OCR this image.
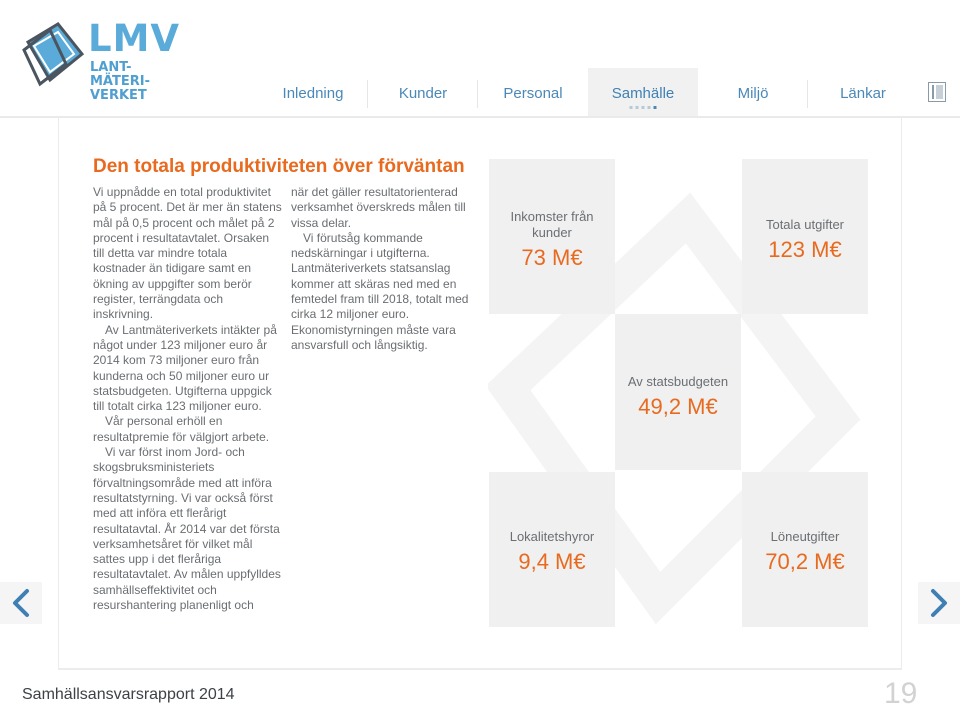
LMV
LANT-
MÄTERI-
VERKET	Inledning	Kunder	Personal	Samhälle	Miljö	Länkar
Den totala produktiviteten över förväntan

Vi uppnådde en total produktivitet på 5 procent. Det är mer än statens mål på 0,5 procent och målet på 2 procent i resultatavtalet. Orsaken till detta var mindre totala kostnader än tidigare samt en ökning av uppgifter som berör register, terrängdata och inskrivning.

Av Lantmäteriverkets intäkter på något under 123 miljoner euro år 2014 kom 73 miljoner euro från kunderna och 50 miljoner euro ur statsbudgeten. Utgifterna uppgick till totalt cirka 123 miljoner euro.

Vår personal erhöll en resultatpremie för välgjort arbete.

Vi var först inom Jord- och skogsbruksministeriets förvaltningsområde med att införa resultatstyrning. Vi var också först med att införa ett flerårigt resultatavtal. År 2014 var det första verksamhetsåret för vilket mål sattes upp i det fleråriga resultatavtalet. Av målen uppfylldes samhällseffektivitet och resurshantering planenligt och

när det gäller resultatorienterad verksamhet överskreds målen till vissa delar.

Vi förutsåg kommande nedskärningar i utgifterna. Lantmäteriverkets statsanslag kommer att skäras ned med en femtedel fram till 2018, totalt med cirka 12 miljoner euro. Ekonomistyrningen måste vara ansvarsfull och långsiktig.

Inkomster från kunder
73 M€
Totala utgifter
123 M€
Av statsbudgeten
49,2 M€
Lokalitetshyror
9,4 M€
Löneutgifter
70,2 M€
Samhällsansvarsrapport 2014	19
